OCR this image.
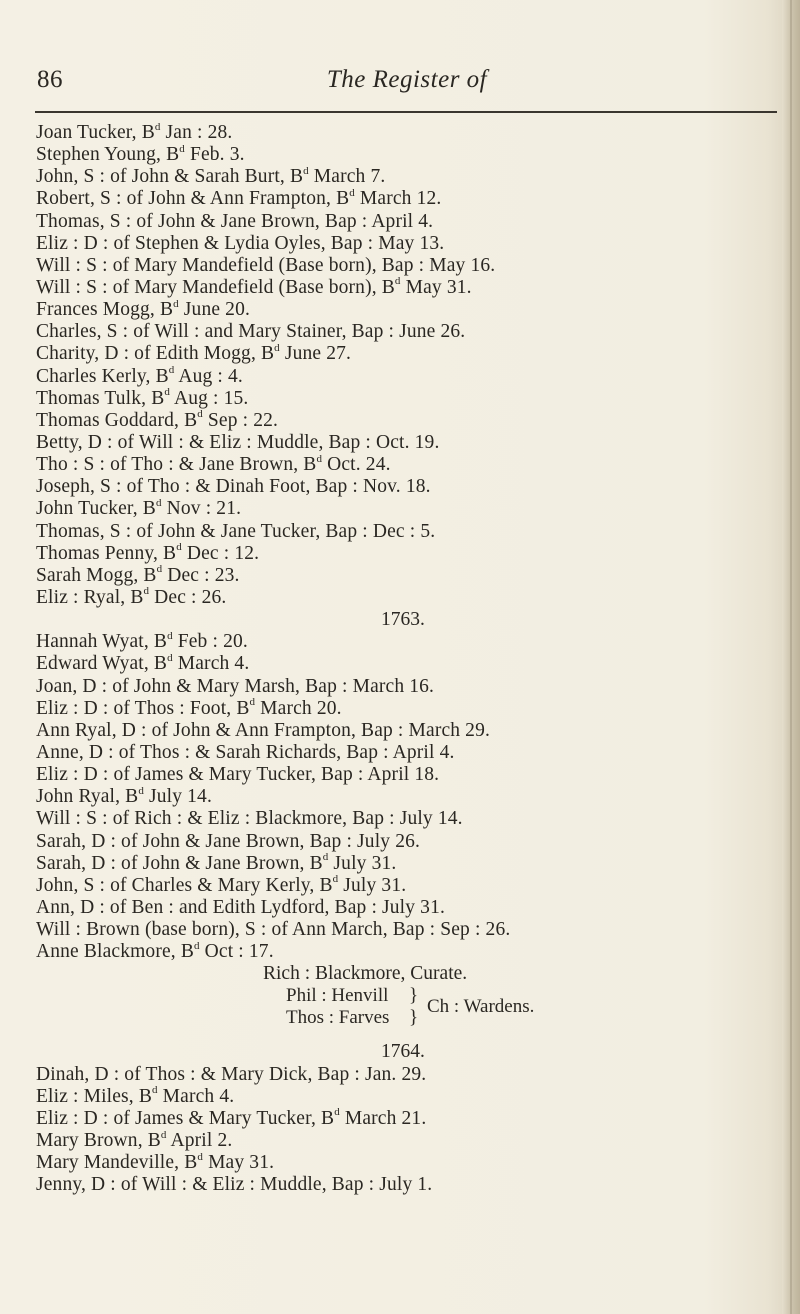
86	The Register of
Joan Tucker, $B^d$ Jan : 28.
Stephen Young, $B^d$ Feb. 3.
John, S : of John & Sarah Burt, $B^d$ March 7.
Robert, S : of John & Ann Frampton, $B^d$ March 12.
Thomas, S : of John & Jane Brown, Bap : April 4.
Eliz : D : of Stephen & Lydia Oyles, Bap : May 13.
Will : S : of Mary Mandefield (Base born), Bap : May 16.
Will : S : of Mary Mandefield (Base born), $B^d$ May 31.
Frances Mogg, $B^d$ June 20.
Charles, S : of Will : and Mary Stainer, Bap : June 26.
Charity, D : of Edith Mogg, $B^d$ June 27.
Charles Kerly, $B^d$ Aug : 4.
Thomas Tulk, $B^d$ Aug : 15.
Thomas Goddard, $B^d$ Sep : 22.
Betty, D : of Will : & Eliz : Muddle, Bap : Oct. 19.
Tho : S : of Tho : & Jane Brown, $B^d$ Oct. 24.
Joseph, S : of Tho : & Dinah Foot, Bap : Nov. 18.
John Tucker, $B^d$ Nov : 21.
Thomas, S : of John & Jane Tucker, Bap : Dec : 5.
Thomas Penny, $B^d$ Dec : 12.
Sarah Mogg, $B^d$ Dec : 23.
Eliz : Ryal, $B^d$ Dec : 26.
1763.
Hannah Wyat, $B^d$ Feb : 20.
Edward Wyat, $B^d$ March 4.
Joan, D : of John & Mary Marsh, Bap : March 16.
Eliz : D : of Thos : Foot, $B^d$ March 20.
Ann Ryal, D : of John & Ann Frampton, Bap : March 29.
Anne, D : of Thos : & Sarah Richards, Bap : April 4.
Eliz : D : of James & Mary Tucker, Bap : April 18.
John Ryal, $B^d$ July 14.
Will : S : of Rich : & Eliz : Blackmore, Bap : July 14.
Sarah, D : of John & Jane Brown, Bap : July 26.
Sarah, D : of John & Jane Brown, $B^d$ July 31.
John, S : of Charles & Mary Kerly, $B^d$ July 31.
Ann, D : of Ben : and Edith Lydford, Bap : July 31.
Will : Brown (base born), S : of Ann March, Bap : Sep : 26.
Anne Blackmore, $B^d$ Oct : 17.
Rich : Blackmore, Curate.
Phil : Henvill
Thos : Farves
}
}
Ch : Wardens.
1764.
Dinah, D : of Thos : & Mary Dick, Bap : Jan. 29.
Eliz : Miles, $B^d$ March 4.
Eliz : D : of James & Mary Tucker, $B^d$ March 21.
Mary Brown, $B^d$ April 2.
Mary Mandeville, $B^d$ May 31.
Jenny, D : of Will : & Eliz : Muddle, Bap : July 1.
